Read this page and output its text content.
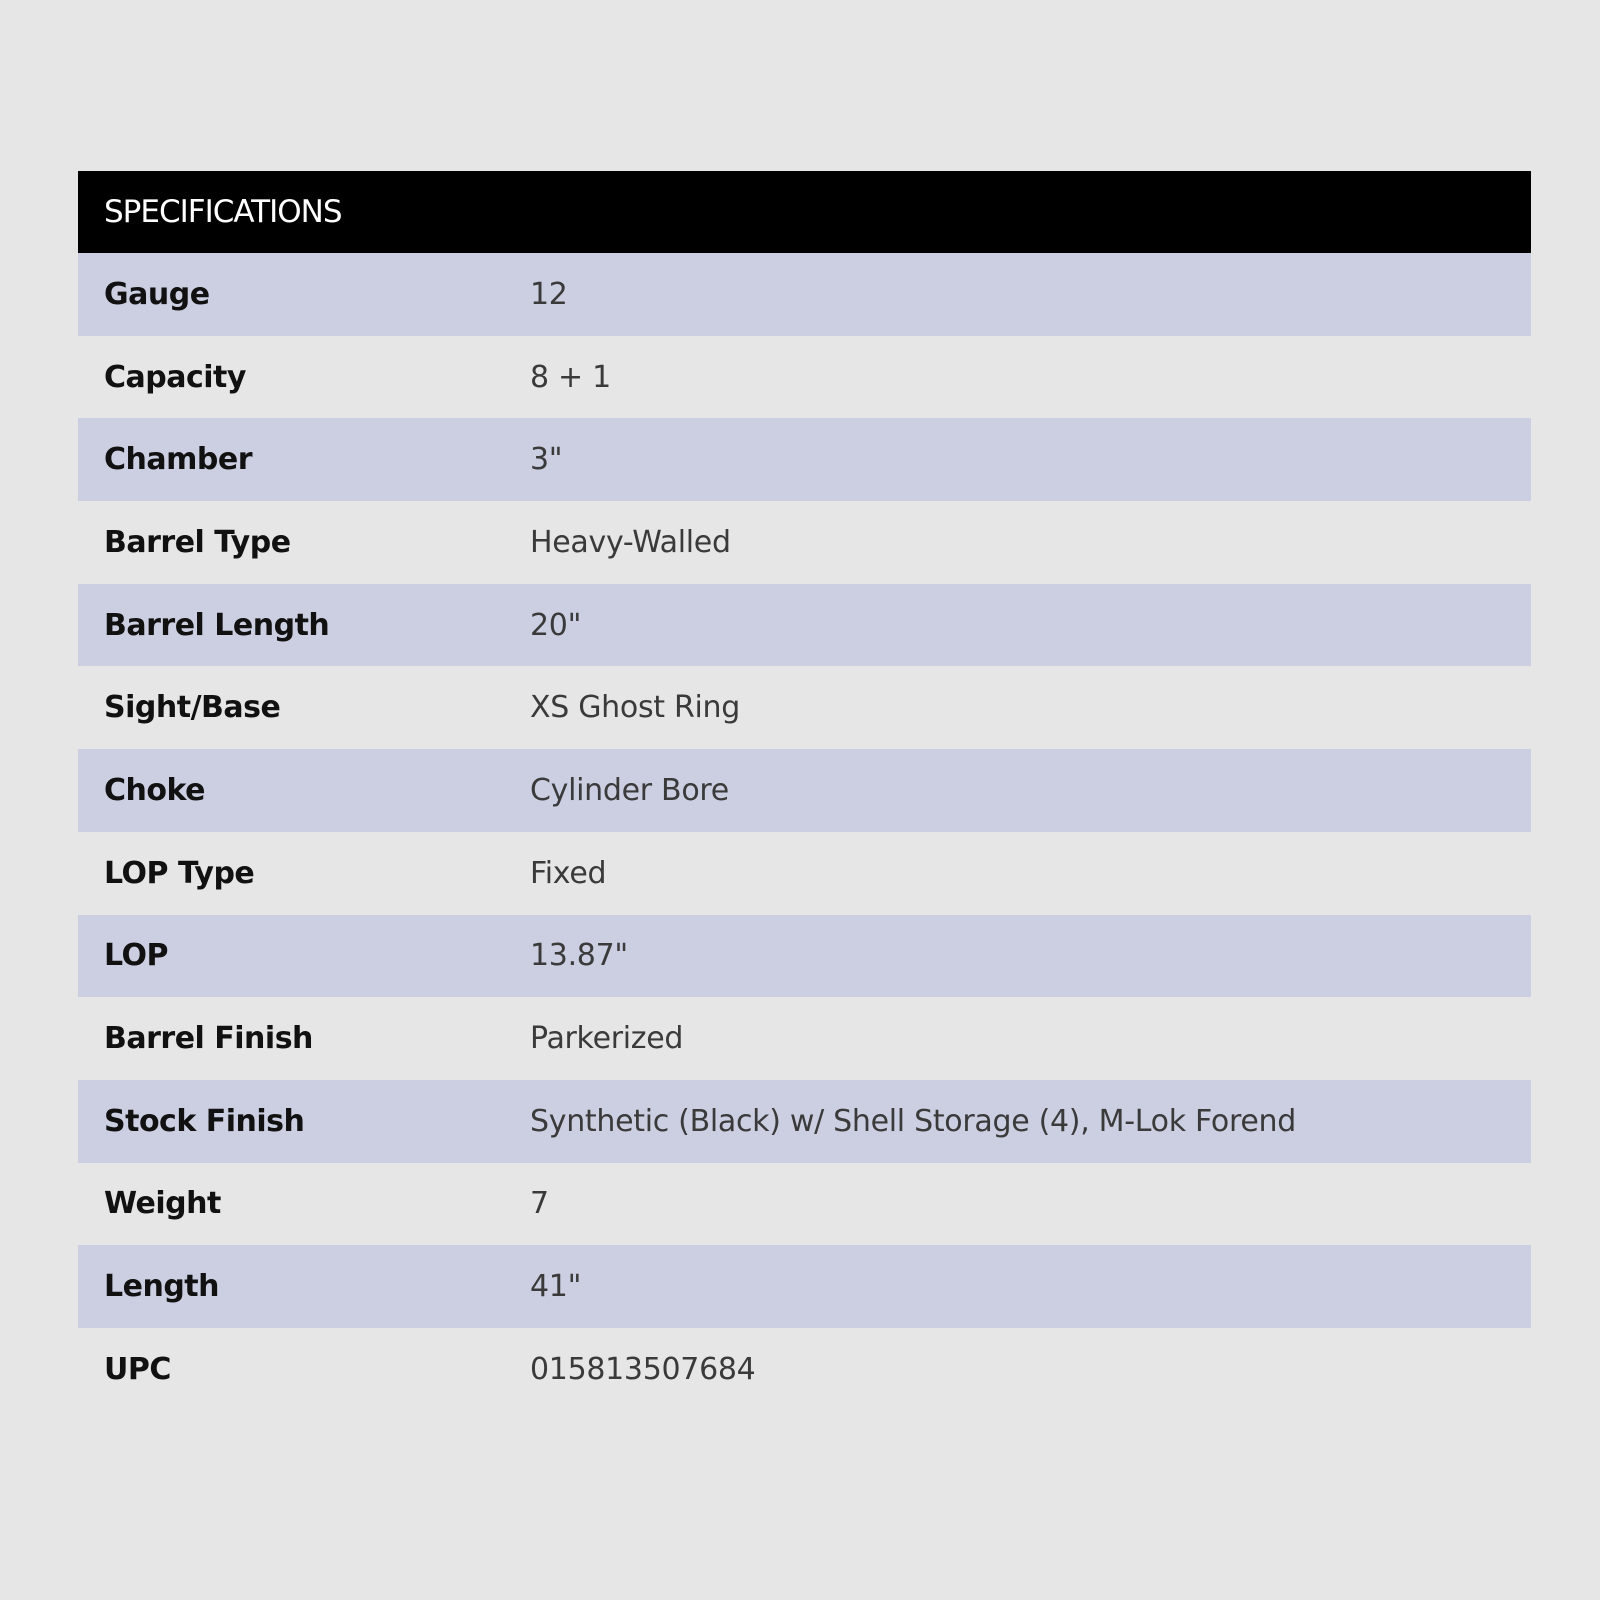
SPECIFICATIONS
Gauge	12
Capacity	8 + 1
Chamber	3"
Barrel Type	Heavy-Walled
Barrel Length	20"
Sight/Base	XS Ghost Ring
Choke	Cylinder Bore
LOP Type	Fixed
LOP	13.87"
Barrel Finish	Parkerized
Stock Finish	Synthetic (Black) w/ Shell Storage (4), M-Lok Forend
Weight	7
Length	41"
UPC	015813507684
